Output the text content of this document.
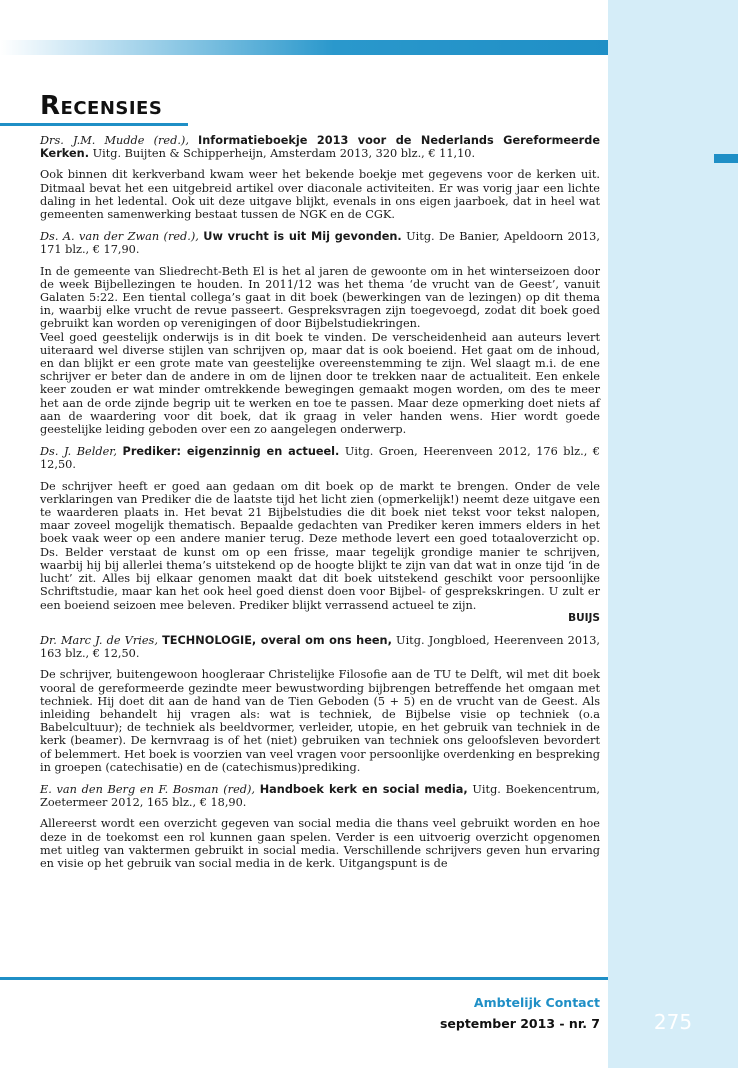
Recensies

Drs. J.M. Mudde (red.), Informatieboekje 2013 voor de Nederlands Gereformeerde Kerken. Uitg. Buijten & Schipperheijn, Amsterdam 2013, 320 blz., € 11,10.

Ook binnen dit kerkverband kwam weer het bekende boekje met gegevens voor de kerken uit. Ditmaal bevat het een uitgebreid artikel over diaconale activiteiten. Er was vorig jaar een lichte daling in het ledental. Ook uit deze uitgave blijkt, evenals in ons eigen jaarboek, dat in heel wat gemeenten samenwerking bestaat tussen de NGK en de CGK.

Ds. A. van der Zwan (red.), Uw vrucht is uit Mij gevonden. Uitg. De Banier, Apeldoorn 2013, 171 blz., € 17,90.

In de gemeente van Sliedrecht-Beth El is het al jaren de gewoonte om in het winterseizoen door de week Bijbellezingen te houden. In 2011/12 was het thema ‘de vrucht van de Geest’, vanuit Galaten 5:22. Een tiental collega’s gaat in dit boek (bewerkingen van de lezingen) op dit thema in, waarbij elke vrucht de revue passeert. Gespreksvragen zijn toegevoegd, zodat dit boek goed gebruikt kan worden op verenigingen of door Bijbelstudiekringen.

Veel goed geestelijk onderwijs is in dit boek te vinden. De verscheidenheid aan auteurs levert uiteraard wel diverse stijlen van schrijven op, maar dat is ook boeiend. Het gaat om de inhoud, en dan blijkt er een grote mate van geestelijke overeenstemming te zijn. Wel slaagt m.i. de ene schrijver er beter dan de andere in om de lijnen door te trekken naar de actualiteit. Een enkele keer zouden er wat minder omtrekkende bewegingen gemaakt mogen worden, om des te meer het aan de orde zijnde begrip uit te werken en toe te passen. Maar deze opmerking doet niets af aan de waardering voor dit boek, dat ik graag in veler handen wens. Hier wordt goede geestelijke leiding geboden over een zo aangelegen onderwerp.

Ds. J. Belder, Prediker: eigenzinnig en actueel. Uitg. Groen, Heerenveen 2012, 176 blz., € 12,50.

De schrijver heeft er goed aan gedaan om dit boek op de markt te brengen. Onder de vele verklaringen van Prediker die de laatste tijd het licht zien (opmerkelijk!) neemt deze uitgave een te waarderen plaats in. Het bevat 21 Bijbelstudies die dit boek niet tekst voor tekst nalopen, maar zoveel mogelijk thematisch. Bepaalde gedachten van Prediker keren immers elders in het boek vaak weer op een andere manier terug. Deze methode levert een goed totaaloverzicht op. Ds. Belder verstaat de kunst om op een frisse, maar tegelijk grondige manier te schrijven, waarbij hij bij allerlei thema’s uitstekend op de hoogte blijkt te zijn van dat wat in onze tijd ‘in de lucht’ zit. Alles bij elkaar genomen maakt dat dit boek uitstekend geschikt voor persoonlijke Schriftstudie, maar kan het ook heel goed dienst doen voor Bijbel- of gesprekskringen. U zult er een boeiend seizoen mee beleven. Prediker blijkt verrassend actueel te zijn.

BUIJS

Dr. Marc J. de Vries, TECHNOLOGIE, overal om ons heen, Uitg. Jongbloed, Heerenveen 2013, 163 blz., € 12,50.

De schrijver, buitengewoon hoogleraar Christelijke Filosofie aan de TU te Delft, wil met dit boek vooral de gereformeerde gezindte meer bewustwording bijbrengen betreffende het omgaan met techniek. Hij doet dit aan de hand van de Tien Geboden (5 + 5) en de vrucht van de Geest. Als inleiding behandelt hij vragen als: wat is techniek, de Bijbelse visie op techniek (o.a Babelcultuur); de techniek als beeldvormer, verleider, utopie, en het gebruik van techniek in de kerk (beamer). De kernvraag is of het (niet) gebruiken van techniek ons geloofsleven bevordert of belemmert. Het boek is voorzien van veel vragen voor persoonlijke overdenking en bespreking in groepen (catechisatie) en de (catechismus)prediking.

E. van den Berg en F. Bosman (red), Handboek kerk en social media, Uitg. Boekencentrum, Zoetermeer 2012, 165 blz., € 18,90.

Allereerst wordt een overzicht gegeven van social media die thans veel gebruikt worden en hoe deze in de toekomst een rol kunnen gaan spelen. Verder is een uitvoerig overzicht opgenomen met uitleg van vaktermen gebruikt in social media. Verschillende schrijvers geven hun ervaring en visie op het gebruik van social media in de kerk. Uitgangspunt is de

Ambtelijk Contact
september 2013 - nr. 7	275
